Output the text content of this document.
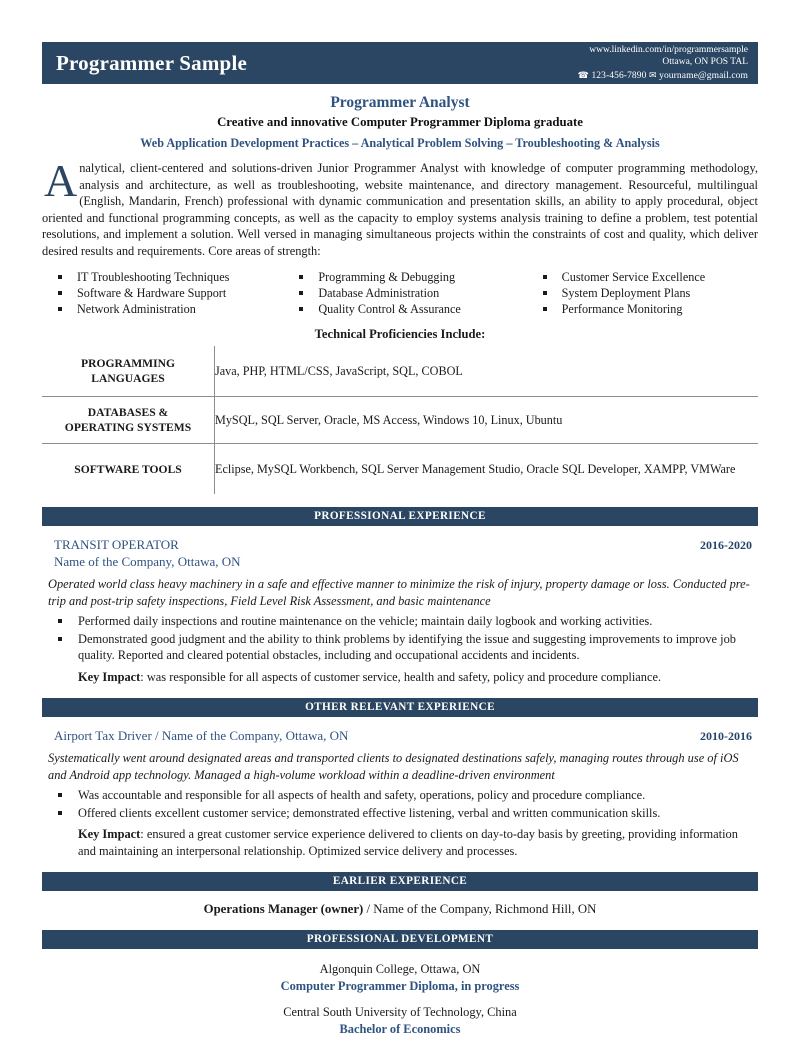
Programmer Sample
www.linkedin.com/in/programmersample
Ottawa, ON POS TAL
☎ 123-456-7890 ✉ yourname@gmail.com
Programmer Analyst
Creative and innovative Computer Programmer Diploma graduate
Web Application Development Practices – Analytical Problem Solving – Troubleshooting & Analysis
Analytical, client-centered and solutions-driven Junior Programmer Analyst with knowledge of computer programming methodology, analysis and architecture, as well as troubleshooting, website maintenance, and directory management. Resourceful, multilingual (English, Mandarin, French) professional with dynamic communication and presentation skills, an ability to apply procedural, object oriented and functional programming concepts, as well as the capacity to employ systems analysis training to define a problem, test potential resolutions, and implement a solution. Well versed in managing simultaneous projects within the constraints of cost and quality, which deliver desired results and requirements. Core areas of strength:
IT Troubleshooting Techniques
Software & Hardware Support
Network Administration
Programming & Debugging
Database Administration
Quality Control & Assurance
Customer Service Excellence
System Deployment Plans
Performance Monitoring
Technical Proficiencies Include:
PROGRAMMING
LANGUAGES	Java, PHP, HTML/CSS, JavaScript, SQL, COBOL

DATABASES &
OPERATING SYSTEMS	MySQL, SQL Server, Oracle, MS Access, Windows 10, Linux, Ubuntu

SOFTWARE TOOLS	Eclipse, MySQL Workbench, SQL Server Management Studio, Oracle SQL Developer, XAMPP, VMWare
PROFESSIONAL EXPERIENCE
TRANSIT OPERATOR
Name of the Company, Ottawa, ON
2016-2020
Operated world class heavy machinery in a safe and effective manner to minimize the risk of injury, property damage or loss. Conducted pre-trip and post-trip safety inspections, Field Level Risk Assessment, and basic maintenance
Performed daily inspections and routine maintenance on the vehicle; maintain daily logbook and working activities.
Demonstrated good judgment and the ability to think problems by identifying the issue and suggesting improvements to improve job quality. Reported and cleared potential obstacles, including and occupational accidents and incidents.
Key Impact: was responsible for all aspects of customer service, health and safety, policy and procedure compliance.
OTHER RELEVANT EXPERIENCE
Airport Tax Driver / Name of the Company, Ottawa, ON	2010-2016
Systematically went around designated areas and transported clients to designated destinations safely, managing routes through use of iOS and Android app technology. Managed a high-volume workload within a deadline-driven environment
Was accountable and responsible for all aspects of health and safety, operations, policy and procedure compliance.
Offered clients excellent customer service; demonstrated effective listening, verbal and written communication skills.
Key Impact: ensured a great customer service experience delivered to clients on day-to-day basis by greeting, providing information and maintaining an interpersonal relationship. Optimized service delivery and processes.
EARLIER EXPERIENCE
Operations Manager (owner) / Name of the Company, Richmond Hill, ON
PROFESSIONAL DEVELOPMENT
Algonquin College, Ottawa, ON
Computer Programmer Diploma, in progress
Central South University of Technology, China
Bachelor of Economics
